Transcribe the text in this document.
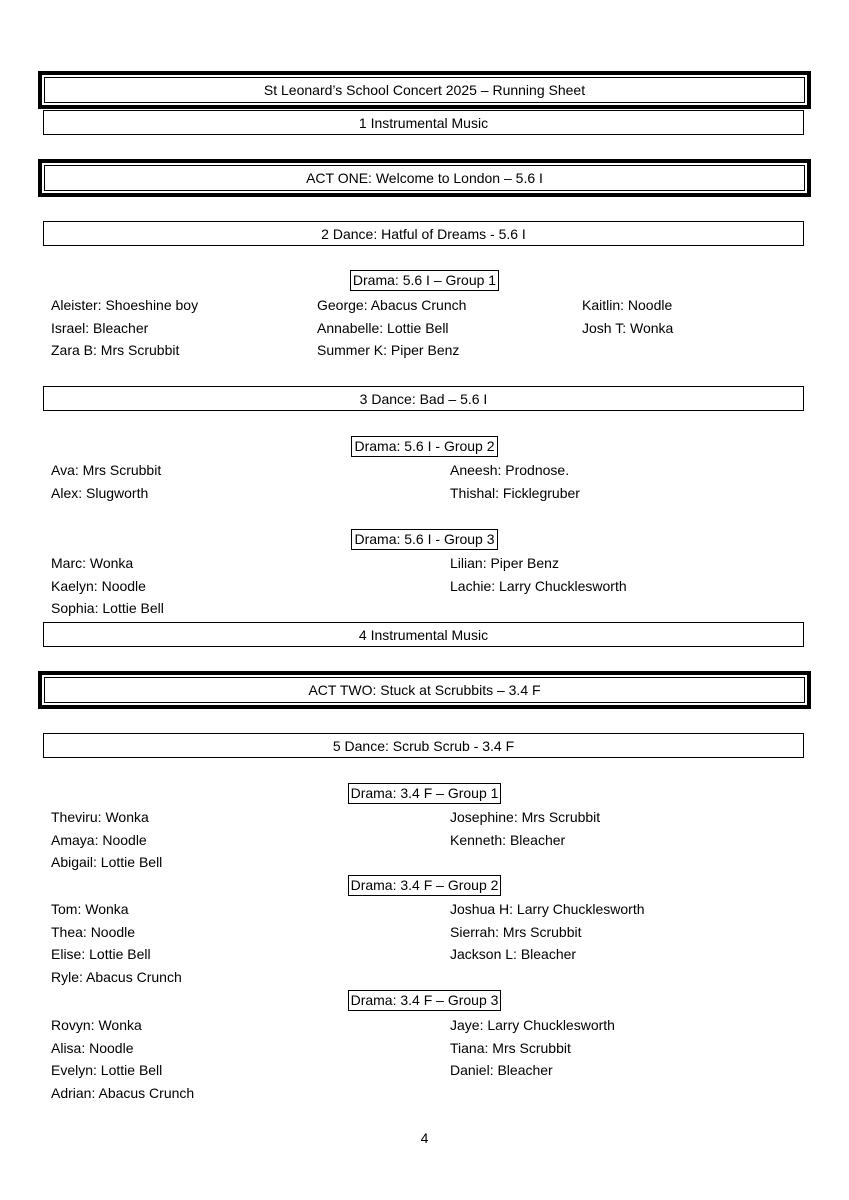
St Leonard’s School Concert 2025 – Running Sheet
1 Instrumental Music
ACT ONE: Welcome to London – 5.6 I
2 Dance: Hatful of Dreams - 5.6 I
Drama: 5.6 I – Group 1
Aleister: Shoeshine boy
Israel: Bleacher
Zara B: Mrs Scrubbit
George: Abacus Crunch
Annabelle: Lottie Bell
Summer K: Piper Benz
Kaitlin: Noodle
Josh T: Wonka
3 Dance: Bad – 5.6 I
Drama: 5.6 I - Group 2
Ava: Mrs Scrubbit
Alex: Slugworth
Aneesh: Prodnose.
Thishal: Ficklegruber
Drama: 5.6 I - Group 3
Marc: Wonka
Kaelyn: Noodle
Sophia: Lottie Bell
Lilian: Piper Benz
Lachie: Larry Chucklesworth
4 Instrumental Music
ACT TWO: Stuck at Scrubbits – 3.4 F
5 Dance: Scrub Scrub - 3.4 F
Drama: 3.4 F – Group 1
Theviru: Wonka
Amaya: Noodle
Abigail: Lottie Bell
Josephine: Mrs Scrubbit
Kenneth: Bleacher
Drama: 3.4 F – Group 2
Tom: Wonka
Thea: Noodle
Elise: Lottie Bell
Ryle: Abacus Crunch
Joshua H: Larry Chucklesworth
Sierrah: Mrs Scrubbit
Jackson L: Bleacher
Drama: 3.4 F – Group 3
Rovyn: Wonka
Alisa: Noodle
Evelyn: Lottie Bell
Adrian: Abacus Crunch
Jaye: Larry Chucklesworth
Tiana: Mrs Scrubbit
Daniel: Bleacher
4
